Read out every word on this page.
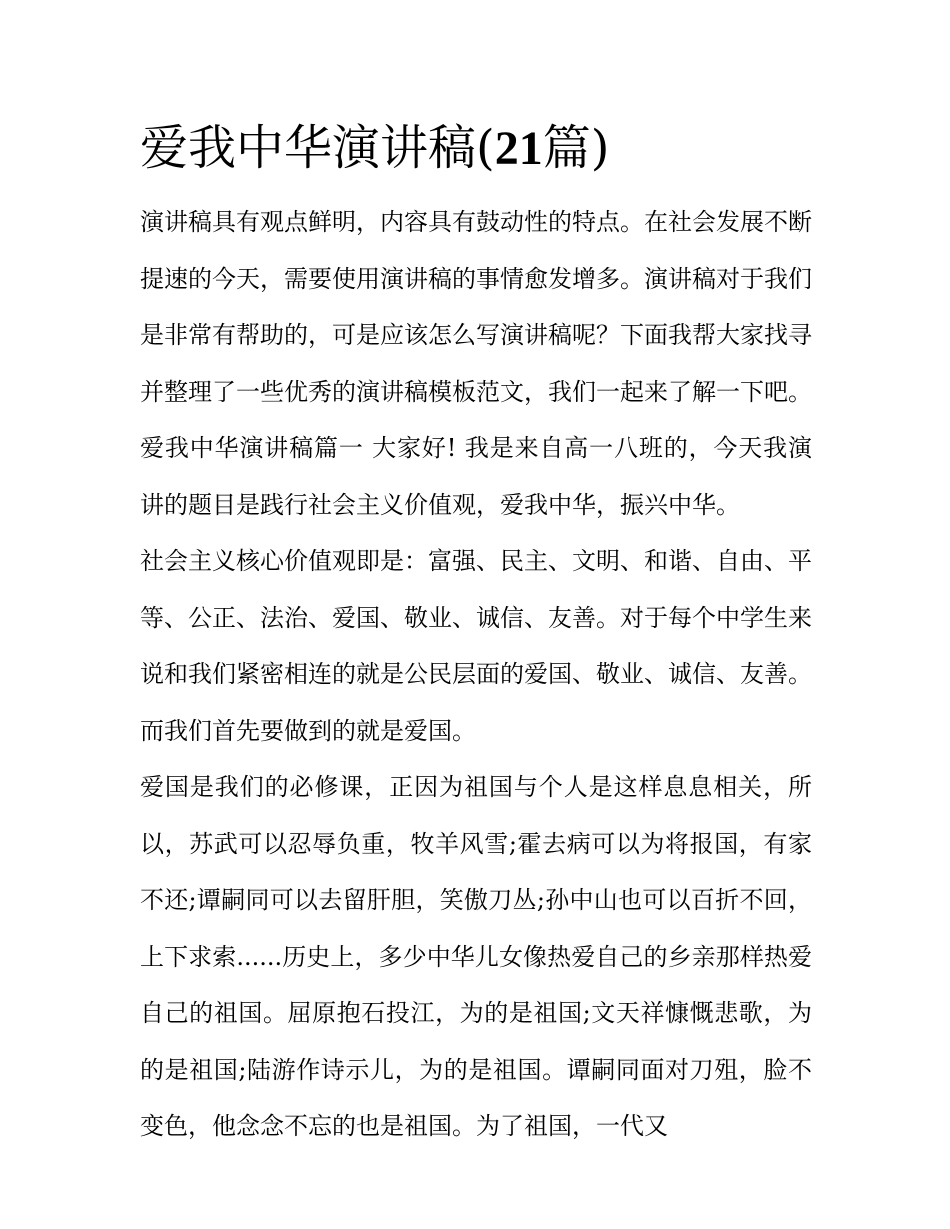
爱我中华演讲稿(21篇)

演讲稿具有观点鲜明，内容具有鼓动性的特点。在社会发展不断提速的今天，需要使用演讲稿的事情愈发增多。演讲稿对于我们是非常有帮助的，可是应该怎么写演讲稿呢？下面我帮大家找寻并整理了一些优秀的演讲稿模板范文，我们一起来了解一下吧。

爱我中华演讲稿篇一 大家好! 我是来自高一八班的，今天我演讲的题目是践行社会主义价值观，爱我中华，振兴中华。

社会主义核心价值观即是：富强、民主、文明、和谐、自由、平等、公正、法治、爱国、敬业、诚信、友善。对于每个中学生来说和我们紧密相连的就是公民层面的爱国、敬业、诚信、友善。而我们首先要做到的就是爱国。

爱国是我们的必修课，正因为祖国与个人是这样息息相关，所以，苏武可以忍辱负重，牧羊风雪;霍去病可以为将报国，有家不还;谭嗣同可以去留肝胆，笑傲刀丛;孙中山也可以百折不回，上下求索......历史上，多少中华儿女像热爱自己的乡亲那样热爱自己的祖国。屈原抱石投江，为的是祖国;文天祥慷慨悲歌，为的是祖国;陆游作诗示儿，为的是祖国。谭嗣同面对刀殂，脸不变色，他念念不忘的也是祖国。为了祖国，一代又
